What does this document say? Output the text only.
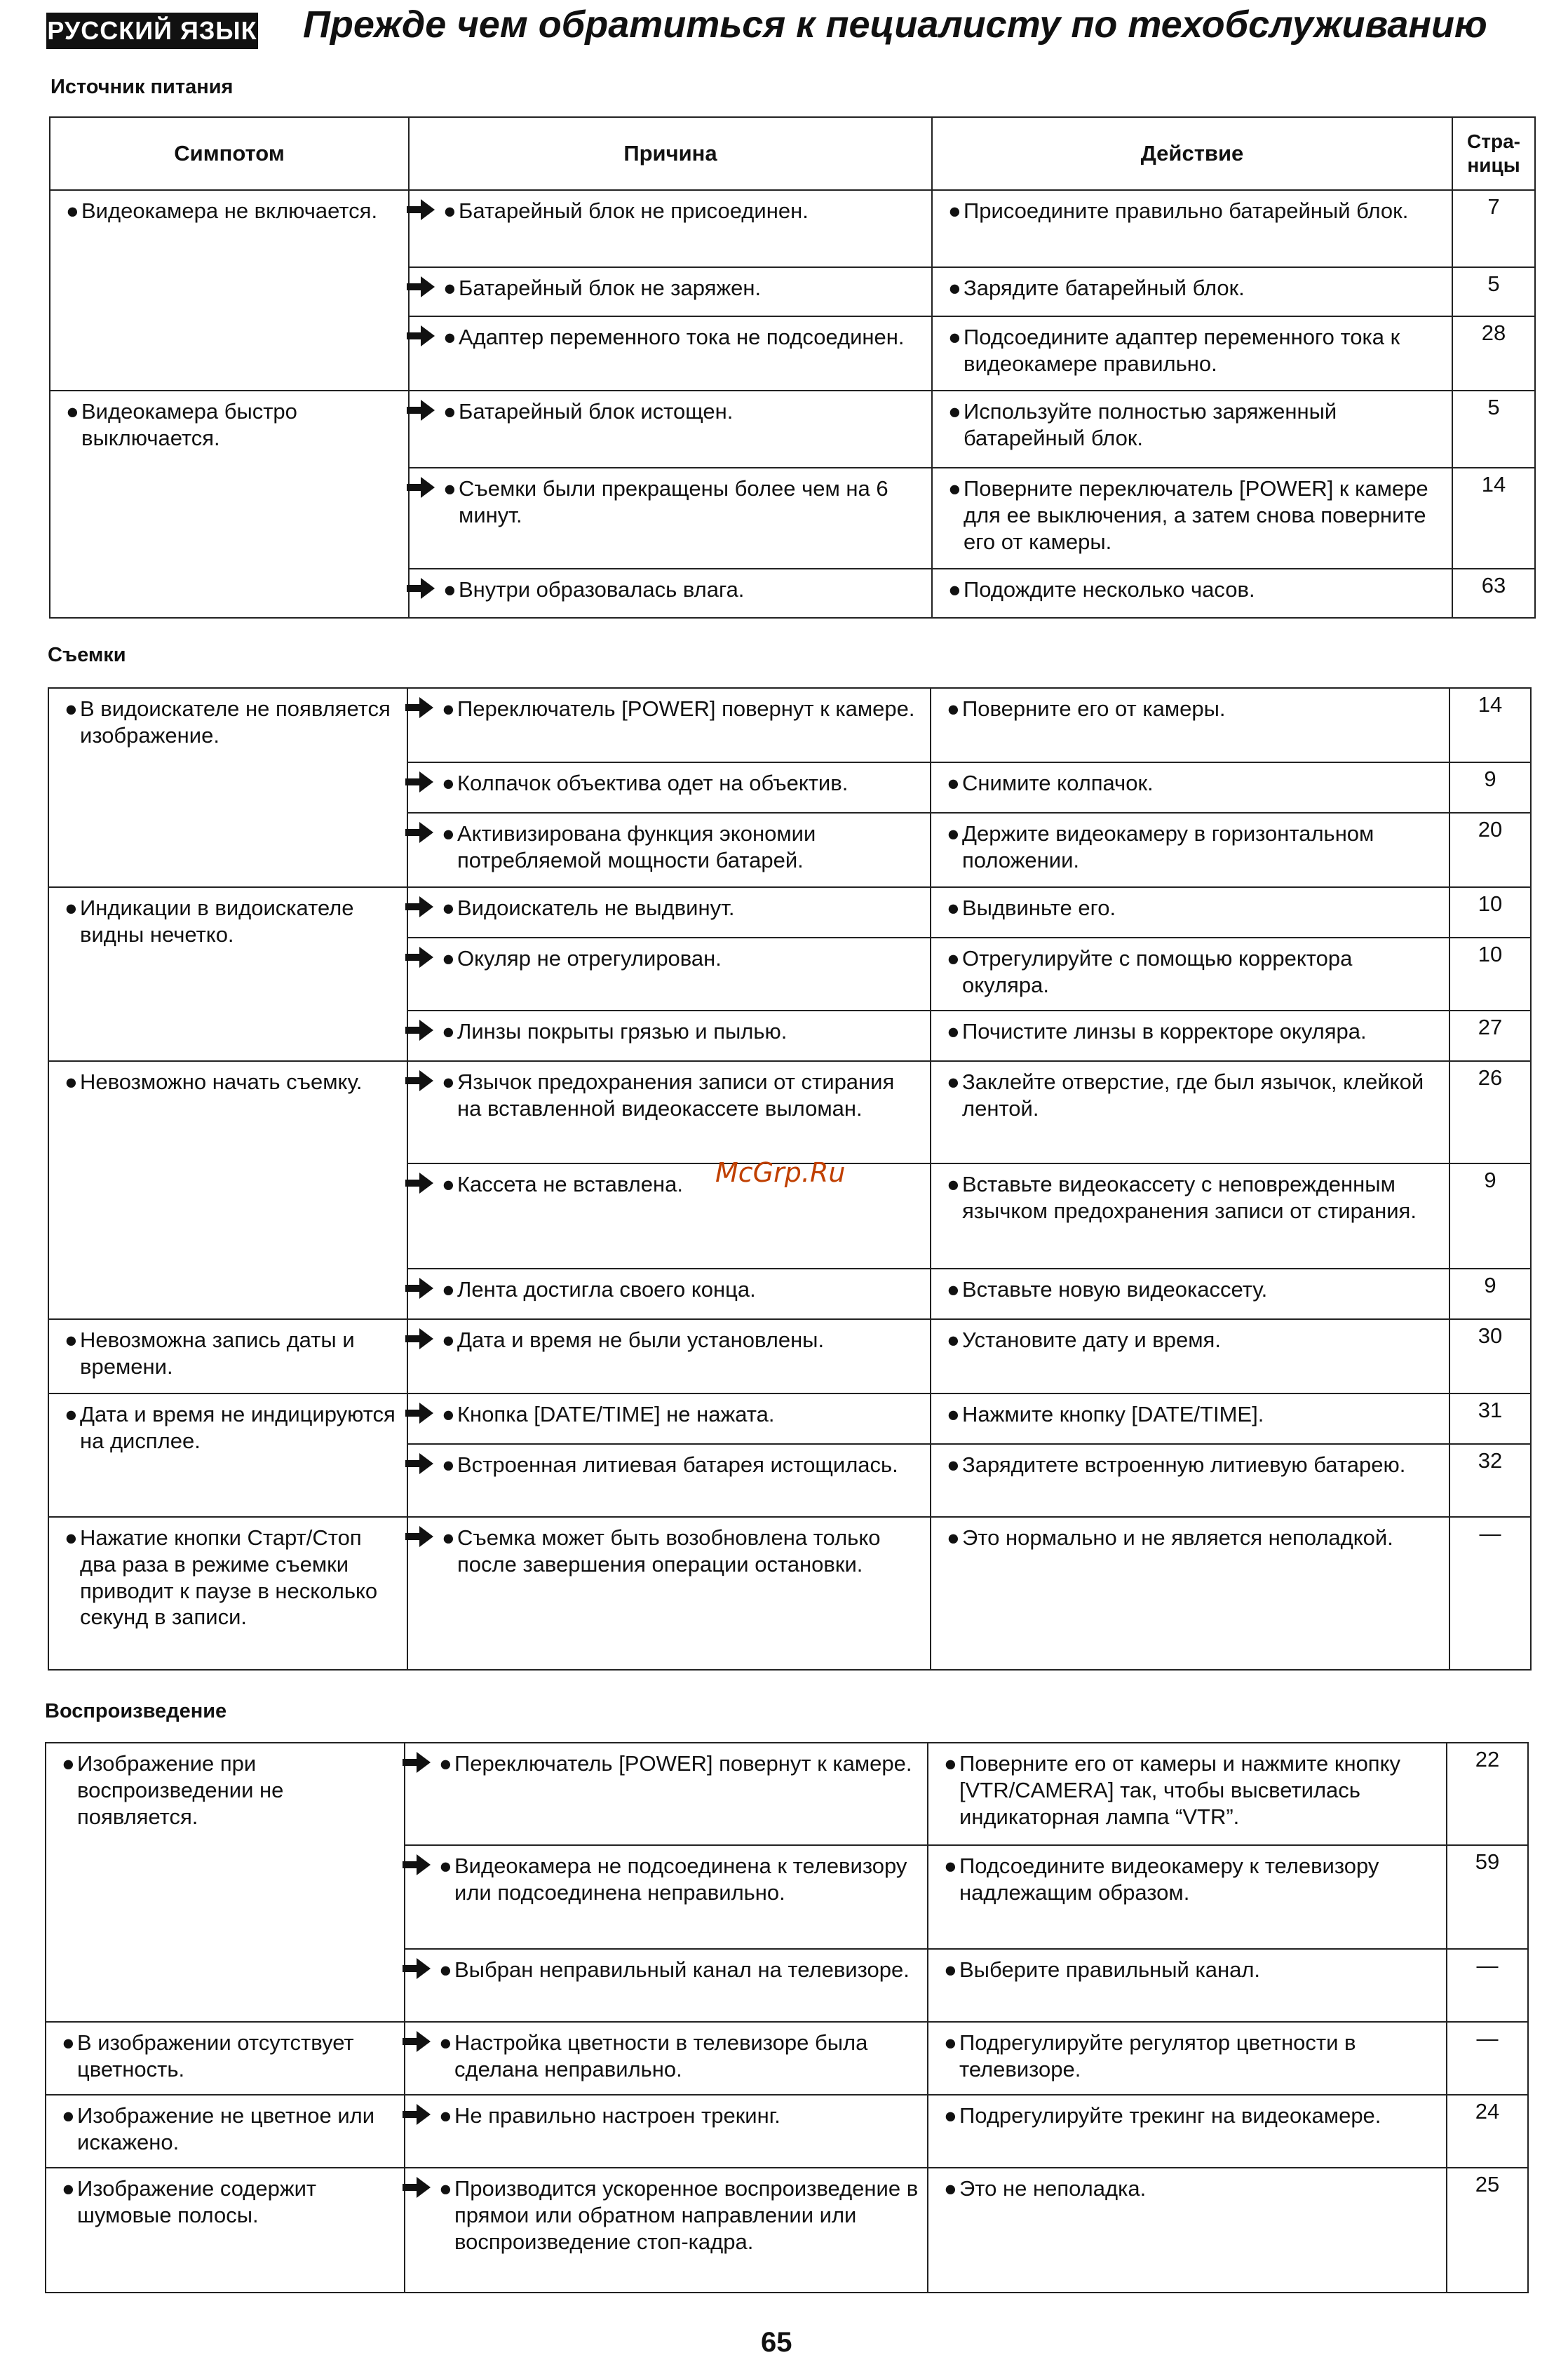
РУССКИЙ ЯЗЫК Прежде чем обратиться к пециалисту по техобслуживанию
Источник питания
Симпотом	Причина	Действие	Стра-ницы

● Видеокамера не включается.	● Батарейный блок не присоединен.	● Присоедините правильно батарейный блок.	7

	● Батарейный блок не заряжен.	● Зарядите батарейный блок.	5

	● Адаптер переменного тока не подсоединен.	● Подсоедините адаптер переменного тока к видеокамере правильно.	28

● Видеокамера быстро выключается.	● Батарейный блок истощен.	● Используйте полностью заряженный батарейный блок.	5

	● Съемки были прекращены более чем на 6 минут.	● Поверните переключатель [POWER] к камере для ее выключения, а затем снова поверните его от камеры.	14

	● Внутри образовалась влага.	● Подождите несколько часов.	63
Съемки
● В видоискателе не появляется изображение.	● Переключатель [POWER] повернут к камере.	● Поверните его от камеры.	14

	● Колпачок объектива одет на объектив.	● Снимите колпачок.	9

	● Активизирована функция экономии потребляемой мощности батарей.	● Держите видеокамеру в горизонтальном положении.	20

● Индикации в видоискателе видны нечетко.	● Видоискатель не выдвинут.	● Выдвиньте его.	10

	● Окуляр не отрегулирован.	● Отрегулируйте с помощью корректора окуляра.	10

	● Линзы покрыты грязью и пылью.	● Почистите линзы в корректоре окуляра.	27

● Невозможно начать съемку.	● Язычок предохранения записи от стирания на вставленной видеокассете выломан.	● Заклейте отверстие, где был язычок, клейкой лентой.	26

	● Кассета не вставлена.	● Вставьте видеокассету с неповрежденным язычком предохранения записи от стирания.	9

	● Лента достигла своего конца.	● Вставьте новую видеокассету.	9

● Невозможна запись даты и времени.	● Дата и время не были установлены.	● Установите дату и время.	30

● Дата и время не индицируются на дисплее.	● Кнопка [DATE/TIME] не нажата.	● Нажмите кнопку [DATE/TIME].	31

	● Встроенная литиевая батарея истощилась.	● Зарядитете встроенную литиевую батарею.	32

● Нажатие кнопки Старт/Стоп два раза в режиме съемки приводит к паузе в несколько секунд в записи.	● Съемка может быть возобновлена только после завершения операции остановки.	● Это нормально и не является неполадкой.	—
Воспроизведение
● Изображение при воспроизведении не появляется.	● Переключатель [POWER] повернут к камере.	● Поверните его от камеры и нажмите кнопку [VTR/CAMERA] так, чтобы высветилась индикаторная лампа “VTR”.	22

	● Видеокамера не подсоединена к телевизору или подсоединена неправильно.	● Подсоедините видеокамеру к телевизору надлежащим образом.	59

	● Выбран неправильный канал на телевизоре.	● Выберите правильный канал.	—

● В изображении отсутствует цветность.	● Настройка цветности в телевизоре была сделана неправильно.	● Подрегулируйте регулятор цветности в телевизоре.	—

● Изображение не цветное или искажено.	● Не правильно настроен трекинг.	● Подрегулируйте трекинг на видеокамере.	24

● Изображение содержит шумовые полосы.	● Производится ускоренное воспроизведение в прямои или обратном направлении или воспроизведение стоп-кадра.	● Это не неполадка.	25
McGrp.Ru
65
